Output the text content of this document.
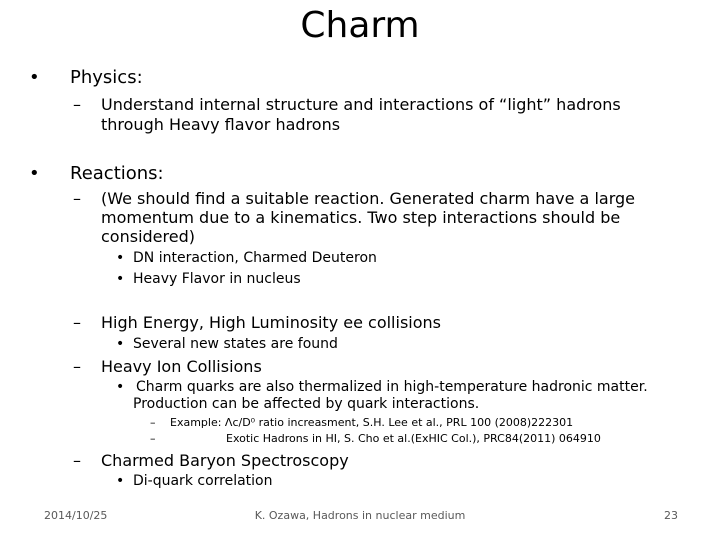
Charm
• Physics:
– Understand internal structure and interactions of “light” hadrons
through Heavy flavor hadrons
• Reactions:
– (We should find a suitable reaction. Generated charm have a large
momentum due to a kinematics. Two step interactions should be
considered)
• DN interaction, Charmed Deuteron
• Heavy Flavor in nucleus
– High Energy, High Luminosity ee collisions
• Several new states are found
– Heavy Ion Collisions
• Charm quarks are also thermalized in high-temperature hadronic matter.
Production can be affected by quark interactions.
– Example: Λc/D⁰ ratio increasment, S.H. Lee et al., PRL 100 (2008)222301
–	Exotic Hadrons in HI, S. Cho et al.(ExHIC Col.), PRC84(2011) 064910
– Charmed Baryon Spectroscopy
• Di-quark correlation
2014/10/25	K. Ozawa, Hadrons in nuclear medium	23
